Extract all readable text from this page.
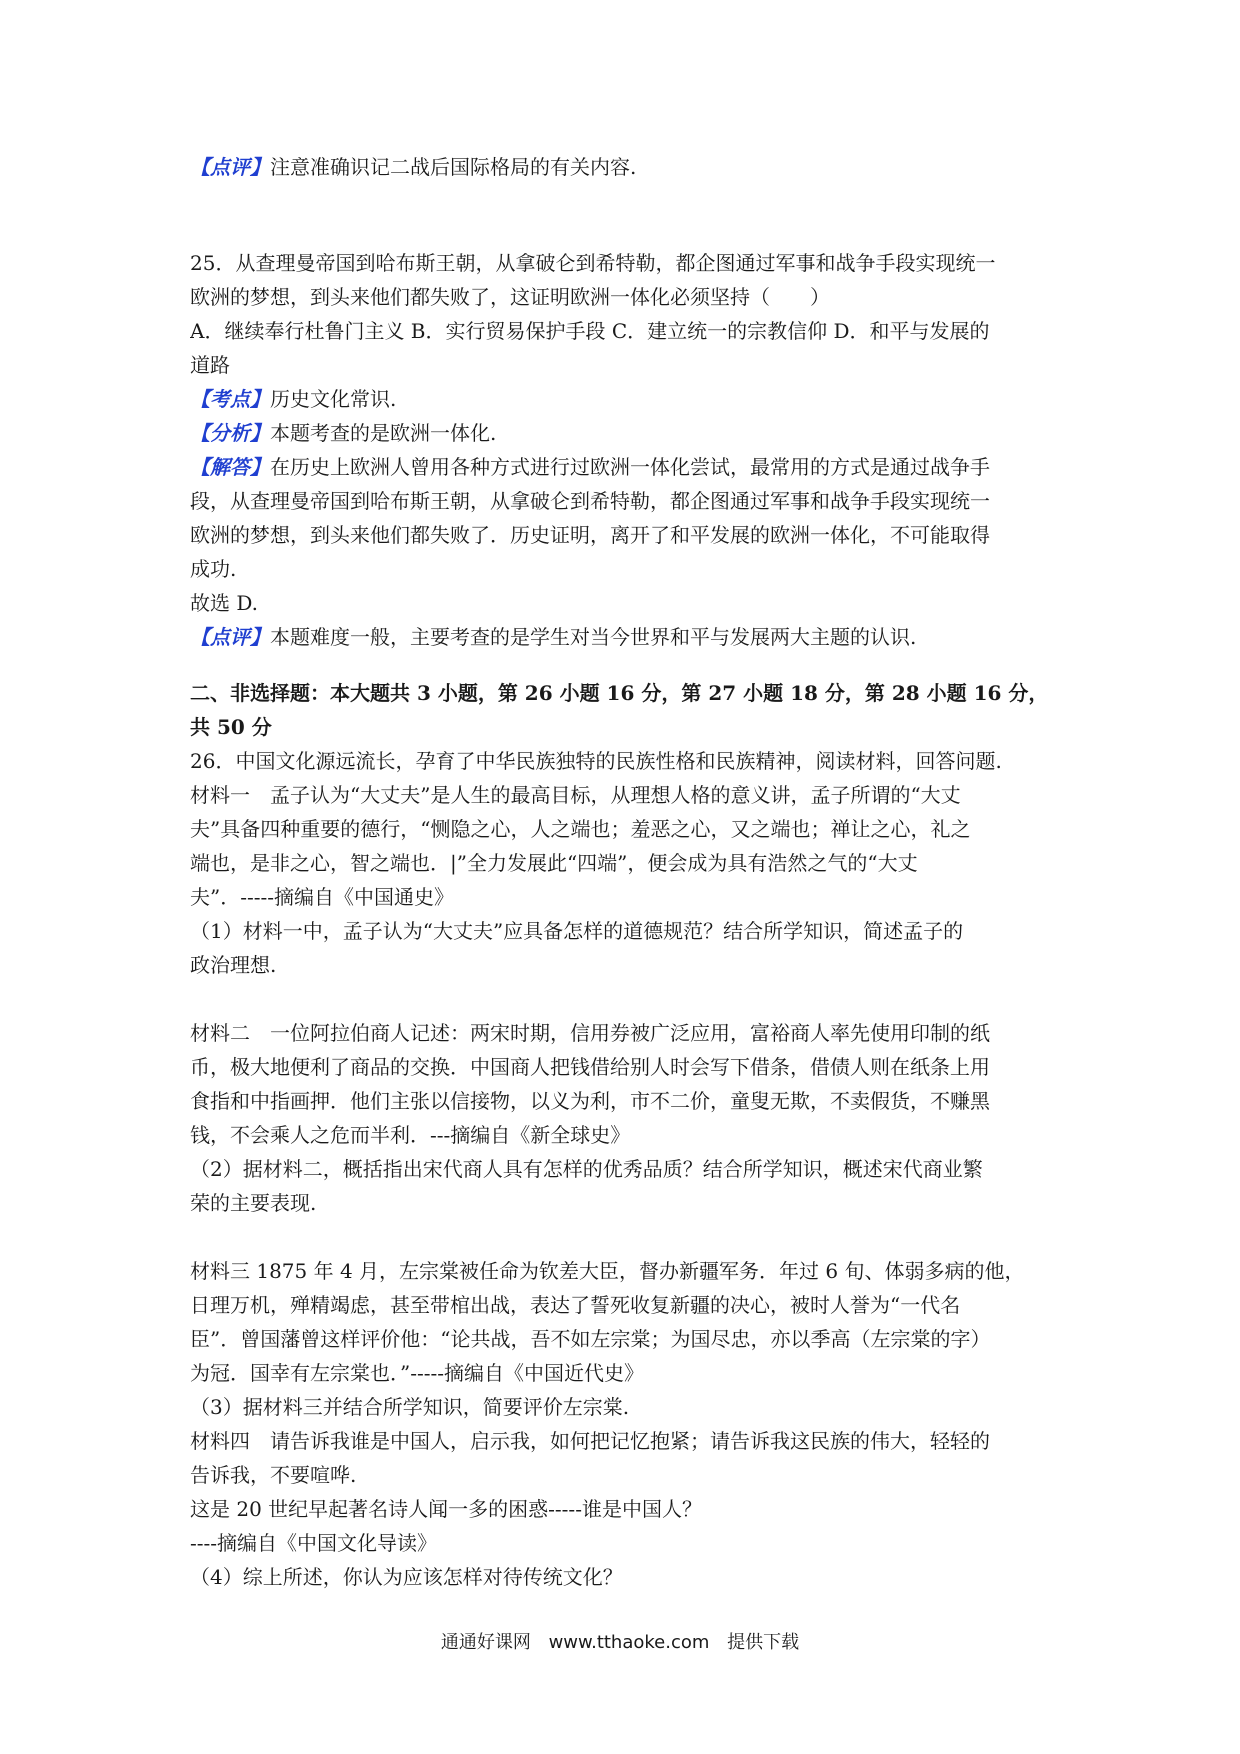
【点评】注意准确识记二战后国际格局的有关内容.
25．从查理曼帝国到哈布斯王朝，从拿破仑到希特勒，都企图通过军事和战争手段实现统一
欧洲的梦想，到头来他们都失败了，这证明欧洲一体化必须坚持（　　）
A．继续奉行杜鲁门主义 B．实行贸易保护手段 C．建立统一的宗教信仰 D．和平与发展的
道路
【考点】历史文化常识.
【分析】本题考查的是欧洲一体化.
【解答】在历史上欧洲人曾用各种方式进行过欧洲一体化尝试，最常用的方式是通过战争手
段，从查理曼帝国到哈布斯王朝，从拿破仑到希特勒，都企图通过军事和战争手段实现统一
欧洲的梦想，到头来他们都失败了．历史证明，离开了和平发展的欧洲一体化，不可能取得
成功.
故选 D.
【点评】本题难度一般，主要考查的是学生对当今世界和平与发展两大主题的认识.
二、非选择题：本大题共 3 小题，第 26 小题 16 分，第 27 小题 18 分，第 28 小题 16 分，
共 50 分
26．中国文化源远流长，孕育了中华民族独特的民族性格和民族精神，阅读材料，回答问题.
材料一　孟子认为“大丈夫”是人生的最高目标，从理想人格的意义讲，孟子所谓的“大丈
夫”具备四种重要的德行，“恻隐之心，人之端也；羞恶之心，又之端也；禅让之心，礼之
端也，是非之心，智之端也．|”全力发展此“四端”，便会成为具有浩然之气的“大丈
夫”．-----摘编自《中国通史》
（1）材料一中，孟子认为“大丈夫”应具备怎样的道德规范？结合所学知识，简述孟子的
政治理想.
材料二　一位阿拉伯商人记述：两宋时期，信用券被广泛应用，富裕商人率先使用印制的纸
币，极大地便利了商品的交换．中国商人把钱借给别人时会写下借条，借债人则在纸条上用
食指和中指画押．他们主张以信接物，以义为利，市不二价，童叟无欺，不卖假货，不赚黑
钱，不会乘人之危而半利．---摘编自《新全球史》
（2）据材料二，概括指出宋代商人具有怎样的优秀品质？结合所学知识，概述宋代商业繁
荣的主要表现.
材料三 1875 年 4 月，左宗棠被任命为钦差大臣，督办新疆军务．年过 6 旬、体弱多病的他，
日理万机，殚精竭虑，甚至带棺出战，表达了誓死收复新疆的决心，被时人誉为“一代名
臣”．曾国藩曾这样评价他：“论共战，吾不如左宗棠；为国尽忠，亦以季高（左宗棠的字）
为冠．国幸有左宗棠也．”-----摘编自《中国近代史》
（3）据材料三并结合所学知识，简要评价左宗棠.
材料四　请告诉我谁是中国人，启示我，如何把记忆抱紧；请告诉我这民族的伟大，轻轻的
告诉我，不要喧哗.
这是 20 世纪早起著名诗人闻一多的困惑-----谁是中国人？
----摘编自《中国文化导读》
（4）综上所述，你认为应该怎样对待传统文化？
通通好课网 www.tthaoke.com 提供下载
